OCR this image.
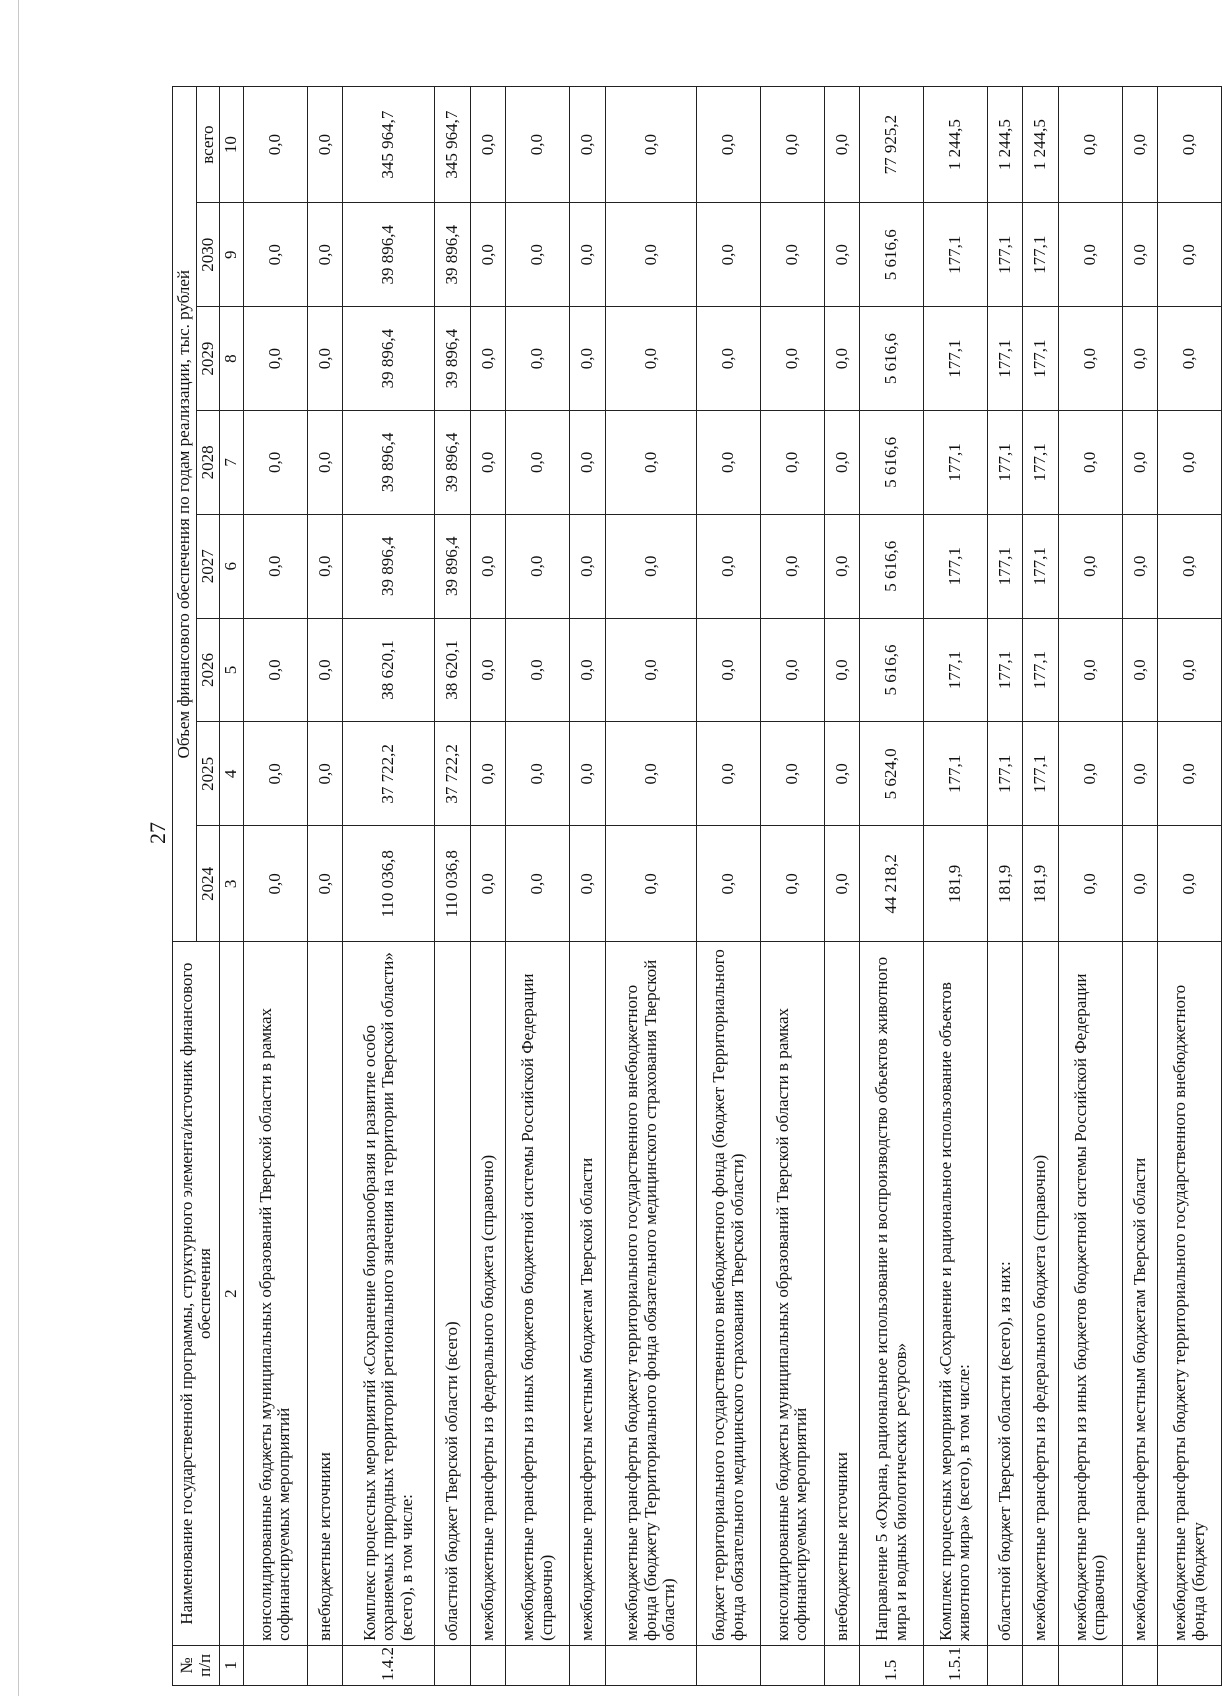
27
№ п/п	Наименование государственной программы, структурного элемента/источник финансового обеспечения	Объем финансового обеспечения по годам реализации, тыс. рублей							
		2024	2025	2026	2027	2028	2029	2030	всего
1	2	3	4	5	6	7	8	9	10
	консолидированные бюджеты муниципальных образований Тверской области в рамках софинансируемых мероприятий	0,0	0,0	0,0	0,0	0,0	0,0	0,0	0,0
	внебюджетные источники	0,0	0,0	0,0	0,0	0,0	0,0	0,0	0,0
1.4.2	Комплекс процессных мероприятий «Сохранение биоразнообразия и развитие особо охраняемых природных территорий регионального значения на территории Тверской области» (всего), в том числе:	110 036,8	37 722,2	38 620,1	39 896,4	39 896,4	39 896,4	39 896,4	345 964,7
	областной бюджет Тверской области (всего)	110 036,8	37 722,2	38 620,1	39 896,4	39 896,4	39 896,4	39 896,4	345 964,7
	межбюджетные трансферты из федерального бюджета (справочно)	0,0	0,0	0,0	0,0	0,0	0,0	0,0	0,0
	межбюджетные трансферты из иных бюджетов бюджетной системы Российской Федерации (справочно)	0,0	0,0	0,0	0,0	0,0	0,0	0,0	0,0
	межбюджетные трансферты местным бюджетам Тверской области	0,0	0,0	0,0	0,0	0,0	0,0	0,0	0,0
	межбюджетные трансферты бюджету территориального государственного внебюджетного фонда (бюджету Территориального фонда обязательного медицинского страхования Тверской области)	0,0	0,0	0,0	0,0	0,0	0,0	0,0	0,0
	бюджет территориального государственного внебюджетного фонда (бюджет Территориального фонда обязательного медицинского страхования Тверской области)	0,0	0,0	0,0	0,0	0,0	0,0	0,0	0,0
	консолидированные бюджеты муниципальных образований Тверской области в рамках софинансируемых мероприятий	0,0	0,0	0,0	0,0	0,0	0,0	0,0	0,0
	внебюджетные источники	0,0	0,0	0,0	0,0	0,0	0,0	0,0	0,0
1.5	Направление 5 «Охрана, рациональное использование и воспроизводство объектов животного мира и водных биологических ресурсов»	44 218,2	5 624,0	5 616,6	5 616,6	5 616,6	5 616,6	5 616,6	77 925,2
1.5.1	Комплекс процессных мероприятий «Сохранение и рациональное использование объектов животного мира» (всего), в том числе:	181,9	177,1	177,1	177,1	177,1	177,1	177,1	1 244,5
	областной бюджет Тверской области (всего), из них:	181,9	177,1	177,1	177,1	177,1	177,1	177,1	1 244,5
	межбюджетные трансферты из федерального бюджета (справочно)	181,9	177,1	177,1	177,1	177,1	177,1	177,1	1 244,5
	межбюджетные трансферты из иных бюджетов бюджетной системы Российской Федерации (справочно)	0,0	0,0	0,0	0,0	0,0	0,0	0,0	0,0
	межбюджетные трансферты местным бюджетам Тверской области	0,0	0,0	0,0	0,0	0,0	0,0	0,0	0,0
	межбюджетные трансферты бюджету территориального государственного внебюджетного фонда (бюджету	0,0	0,0	0,0	0,0	0,0	0,0	0,0	0,0
